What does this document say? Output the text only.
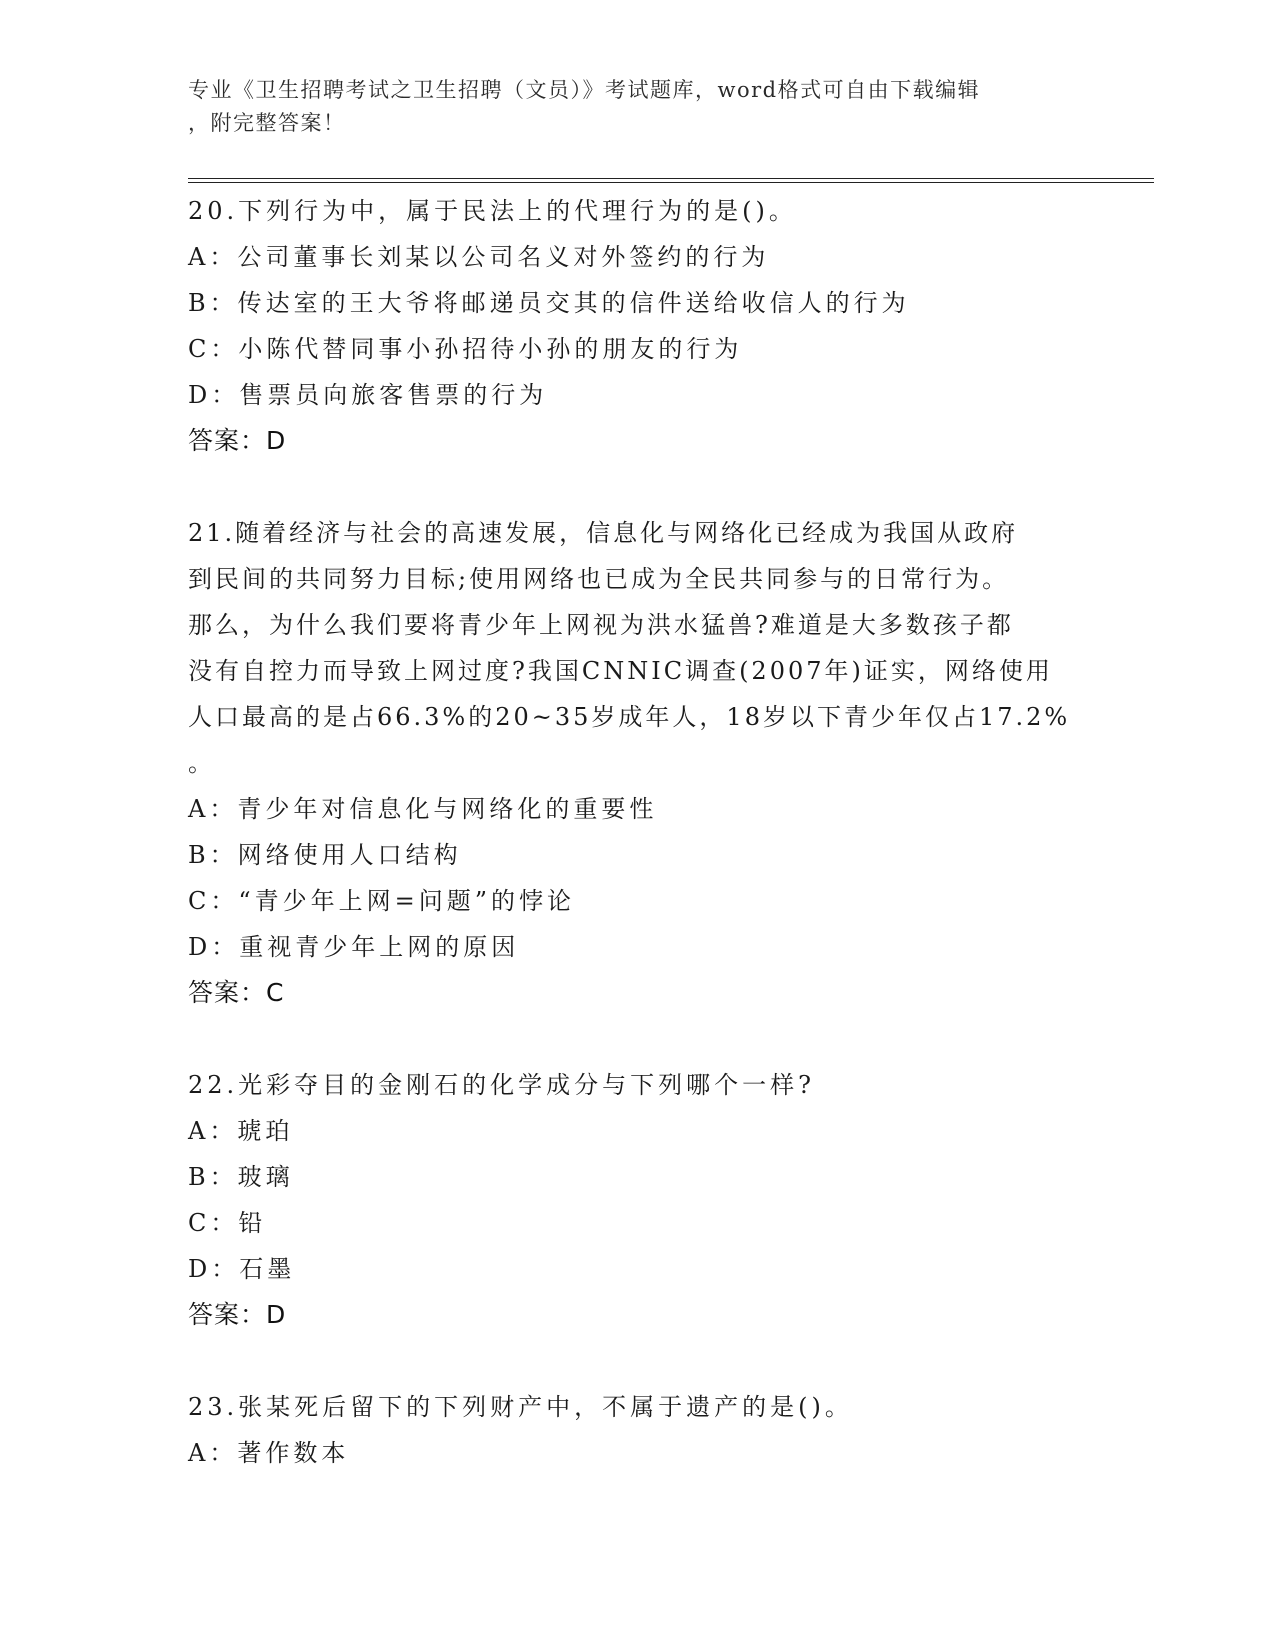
专业《卫生招聘考试之卫生招聘（文员）》考试题库，word格式可自由下载编辑
，附完整答案！
20.下列行为中，属于民法上的代理行为的是()。
A：公司董事长刘某以公司名义对外签约的行为
B：传达室的王大爷将邮递员交其的信件送给收信人的行为
C：小陈代替同事小孙招待小孙的朋友的行为
D：售票员向旅客售票的行为
答案：D
21.随着经济与社会的高速发展，信息化与网络化已经成为我国从政府
到民间的共同努力目标;使用网络也已成为全民共同参与的日常行为。
那么，为什么我们要将青少年上网视为洪水猛兽?难道是大多数孩子都
没有自控力而导致上网过度?我国CNNIC调查(2007年)证实，网络使用
人口最高的是占66.3%的20~35岁成年人，18岁以下青少年仅占17.2%
。
A：青少年对信息化与网络化的重要性
B：网络使用人口结构
C：“青少年上网=问题”的悖论
D：重视青少年上网的原因
答案：C
22.光彩夺目的金刚石的化学成分与下列哪个一样?
A：琥珀
B：玻璃
C：铅
D：石墨
答案：D
23.张某死后留下的下列财产中，不属于遗产的是()。
A：著作数本
